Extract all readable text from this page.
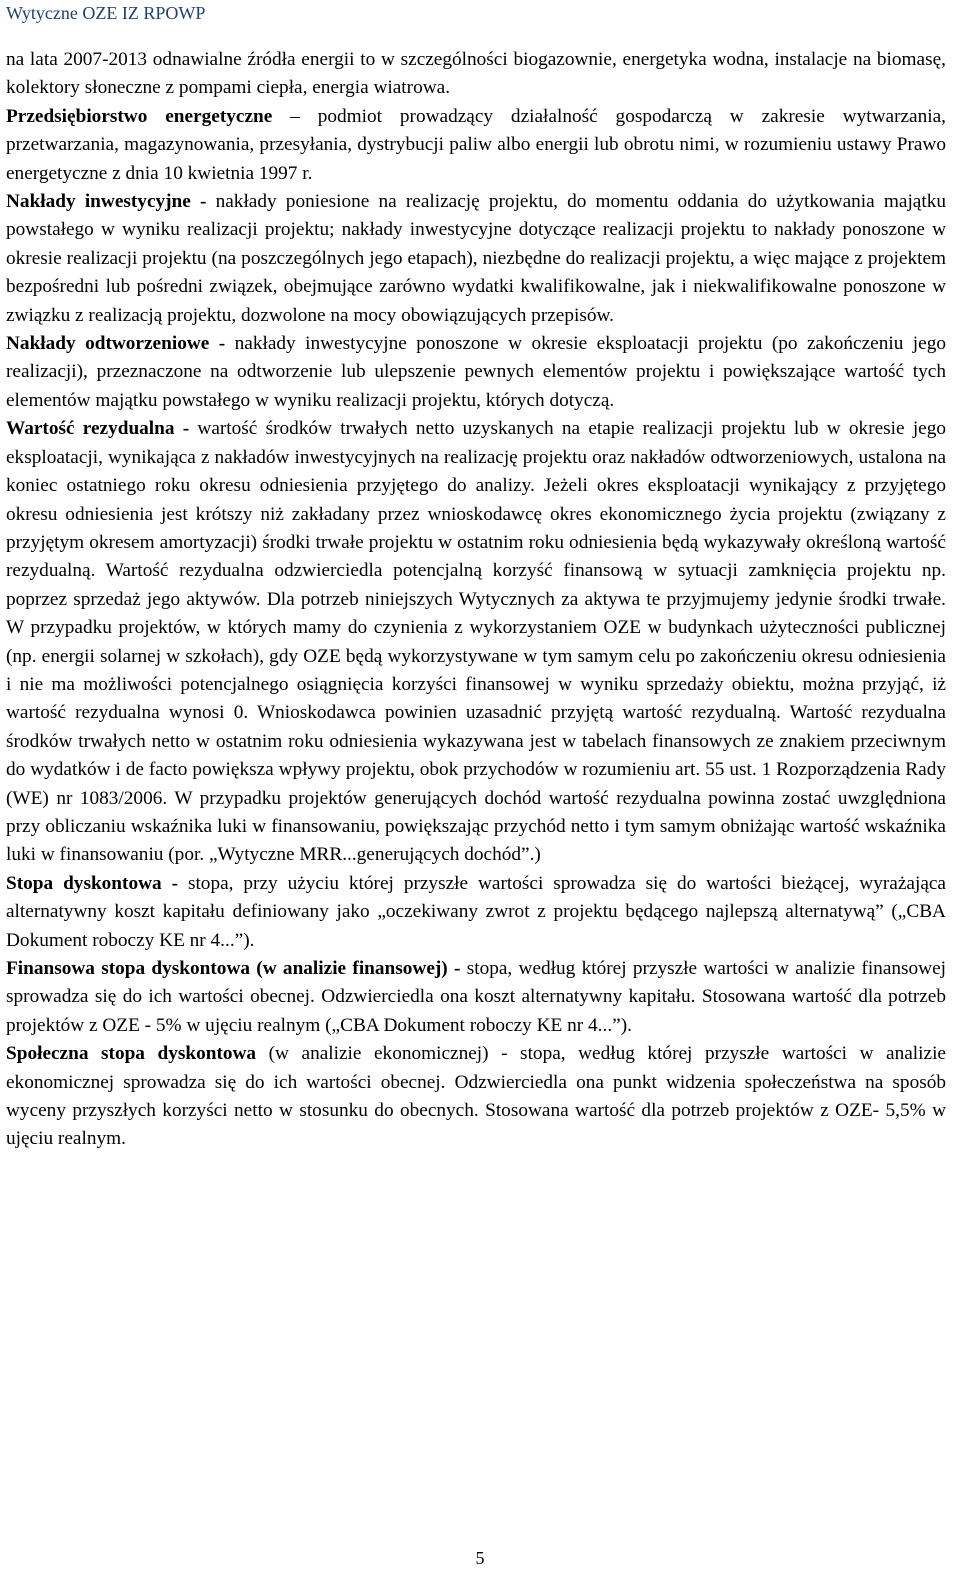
Wytyczne OZE IZ RPOWP

na lata 2007-2013 odnawialne źródła energii to w szczególności biogazownie, energetyka wodna, instalacje na biomasę, kolektory słoneczne z pompami ciepła, energia wiatrowa.

Przedsiębiorstwo energetyczne – podmiot prowadzący działalność gospodarczą w zakresie wytwarzania, przetwarzania, magazynowania, przesyłania, dystrybucji paliw albo energii lub obrotu nimi, w rozumieniu ustawy Prawo energetyczne z dnia 10 kwietnia 1997 r.

Nakłady inwestycyjne - nakłady poniesione na realizację projektu, do momentu oddania do użytkowania majątku powstałego w wyniku realizacji projektu; nakłady inwestycyjne dotyczące realizacji projektu to nakłady ponoszone w okresie realizacji projektu (na poszczególnych jego etapach), niezbędne do realizacji projektu, a więc mające z projektem bezpośredni lub pośredni związek, obejmujące zarówno wydatki kwalifikowalne, jak i niekwalifikowalne ponoszone w związku z realizacją projektu, dozwolone na mocy obowiązujących przepisów.

Nakłady odtworzeniowe - nakłady inwestycyjne ponoszone w okresie eksploatacji projektu (po zakończeniu jego realizacji), przeznaczone na odtworzenie lub ulepszenie pewnych elementów projektu i powiększające wartość tych elementów majątku powstałego w wyniku realizacji projektu, których dotyczą.

Wartość rezydualna - wartość środków trwałych netto uzyskanych na etapie realizacji projektu lub w okresie jego eksploatacji, wynikająca z nakładów inwestycyjnych na realizację projektu oraz nakładów odtworzeniowych, ustalona na koniec ostatniego roku okresu odniesienia przyjętego do analizy. Jeżeli okres eksploatacji wynikający z przyjętego okresu odniesienia jest krótszy niż zakładany przez wnioskodawcę okres ekonomicznego życia projektu (związany z przyjętym okresem amortyzacji) środki trwałe projektu w ostatnim roku odniesienia będą wykazywały określoną wartość rezydualną. Wartość rezydualna odzwierciedla potencjalną korzyść finansową w sytuacji zamknięcia projektu np. poprzez sprzedaż jego aktywów. Dla potrzeb niniejszych Wytycznych za aktywa te przyjmujemy jedynie środki trwałe. W przypadku projektów, w których mamy do czynienia z wykorzystaniem OZE w budynkach użyteczności publicznej (np. energii solarnej w szkołach), gdy OZE będą wykorzystywane w tym samym celu po zakończeniu okresu odniesienia i nie ma możliwości potencjalnego osiągnięcia korzyści finansowej w wyniku sprzedaży obiektu, można przyjąć, iż wartość rezydualna wynosi 0. Wnioskodawca powinien uzasadnić przyjętą wartość rezydualną. Wartość rezydualna środków trwałych netto w ostatnim roku odniesienia wykazywana jest w tabelach finansowych ze znakiem przeciwnym do wydatków i de facto powiększa wpływy projektu, obok przychodów w rozumieniu art. 55 ust. 1 Rozporządzenia Rady (WE) nr 1083/2006. W przypadku projektów generujących dochód wartość rezydualna powinna zostać uwzględniona przy obliczaniu wskaźnika luki w finansowaniu, powiększając przychód netto i tym samym obniżając wartość wskaźnika luki w finansowaniu (por. „Wytyczne MRR...generujących dochód”.)

Stopa dyskontowa - stopa, przy użyciu której przyszłe wartości sprowadza się do wartości bieżącej, wyrażająca alternatywny koszt kapitału definiowany jako „oczekiwany zwrot z projektu będącego najlepszą alternatywą” („CBA Dokument roboczy KE nr 4...”).

Finansowa stopa dyskontowa (w analizie finansowej) - stopa, według której przyszłe wartości w analizie finansowej sprowadza się do ich wartości obecnej. Odzwierciedla ona koszt alternatywny kapitału. Stosowana wartość dla potrzeb projektów z OZE - 5% w ujęciu realnym („CBA Dokument roboczy KE nr 4...”).

Społeczna stopa dyskontowa (w analizie ekonomicznej) - stopa, według której przyszłe wartości w analizie ekonomicznej sprowadza się do ich wartości obecnej. Odzwierciedla ona punkt widzenia społeczeństwa na sposób wyceny przyszłych korzyści netto w stosunku do obecnych. Stosowana wartość dla potrzeb projektów z OZE- 5,5% w ujęciu realnym.

5
